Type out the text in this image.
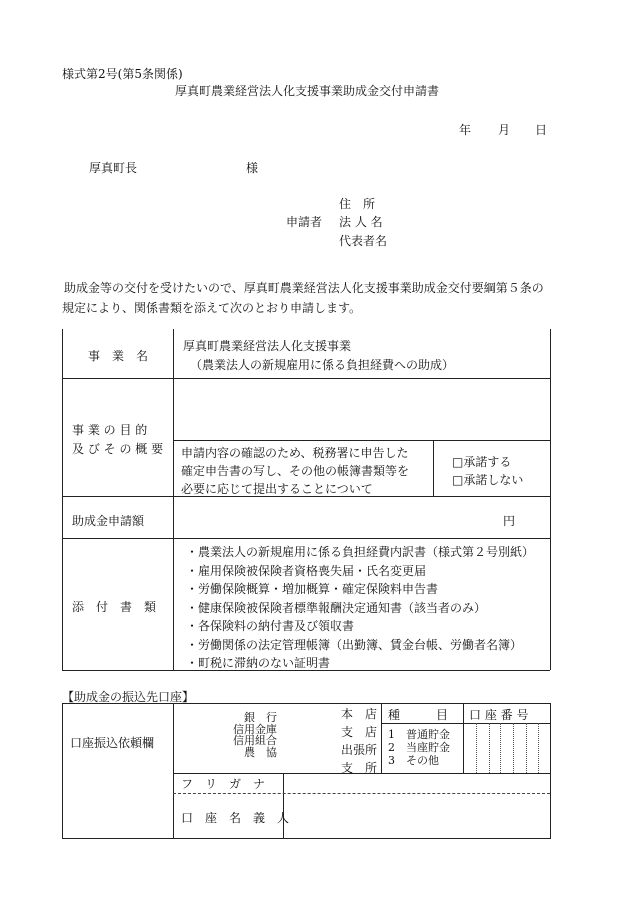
様式第2号(第5条関係)
厚真町農業経営法人化支援事業助成金交付申請書
年 月 日
厚真町長	様
住　所
申請者 法 人 名
代表者名
助成金等の交付を受けたいので、厚真町農業経営法人化支援事業助成金交付要綱第５条の
規定により、関係書類を添えて次のとおり申請します。
事　業　名
厚真町農業経営法人化支援事業
（農業法人の新規雇用に係る負担経費への助成）
事 業 の 目 的
及 び そ の 概 要 申請内容の確認のため、税務署に申告した
確定申告書の写し、その他の帳簿書類等を
必要に応じて提出することについて
□承諾する
□承諾しない
助成金申請額	円
添　付　書　類
・農業法人の新規雇用に係る負担経費内訳書（様式第２号別紙）
・雇用保険被保険者資格喪失届・氏名変更届
・労働保険概算・増加概算・確定保険料申告書
・健康保険被保険者標準報酬決定通知書（該当者のみ）
・各保険料の納付書及び領収書
・労働関係の法定管理帳簿（出勤簿、賃金台帳、労働者名簿）
・町税に滞納のない証明書
【助成金の振込先口座】
口座振込依頼欄
銀　行
信用金庫
信用組合
農　協
本　店
支　店
出張所
支　所
種　　　目
1　普通貯金
2　当座貯金
3　その他
口 座 番 号
フ　リ　ガ　ナ
口　座　名　義　人
